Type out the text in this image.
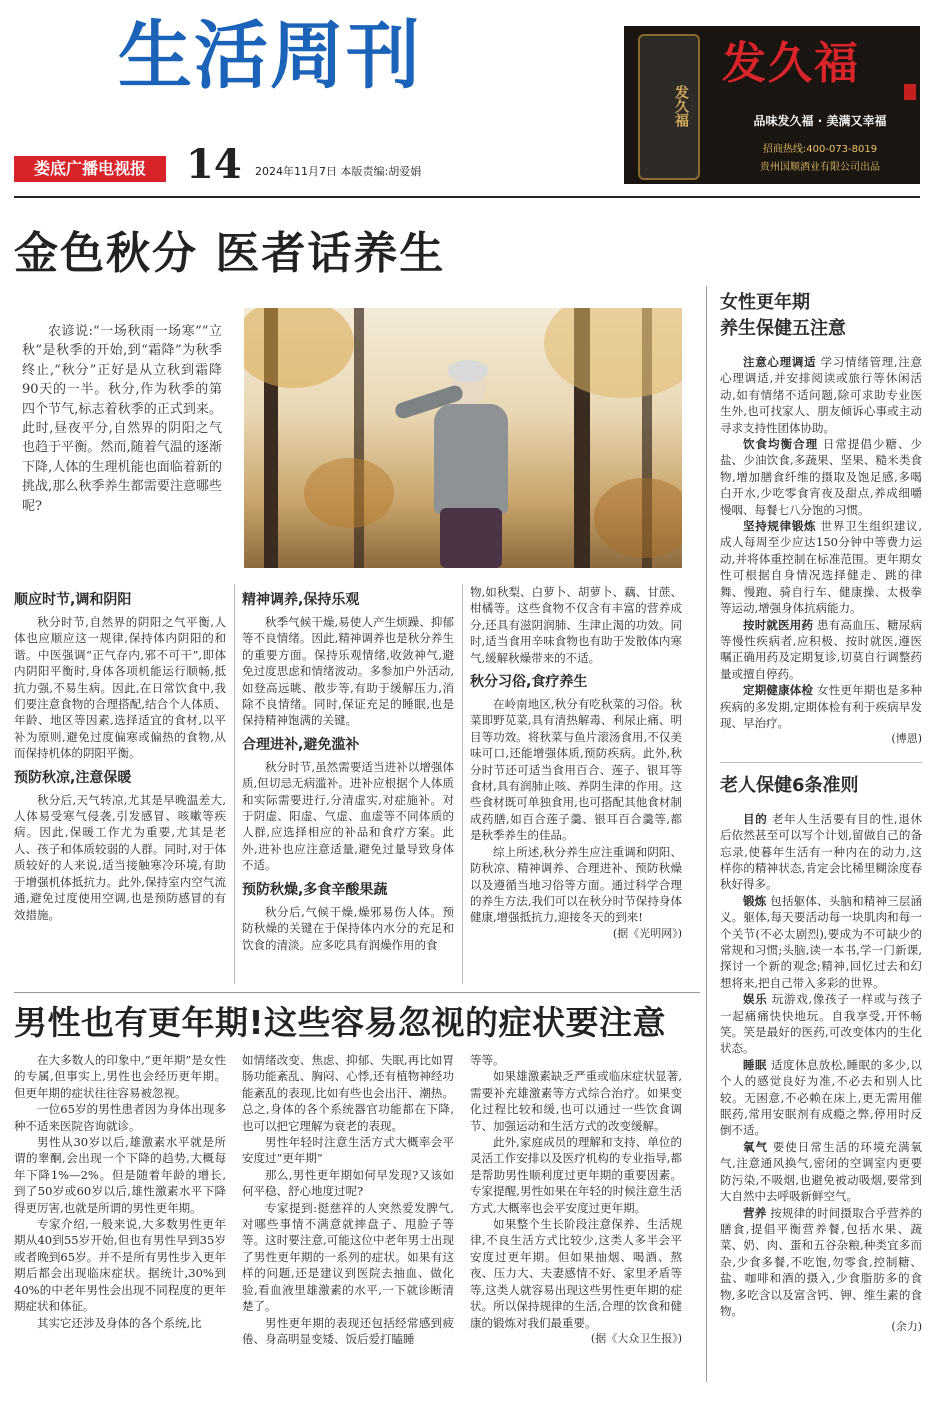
生活周刊
娄底广播电视报	14 2024年11月7日 本版责编:胡爱娟
发久福
发久福
品味发久福 · 美满又幸福
招商热线:400-073-8019
贵州国顺酒业有限公司出品
金色秋分 医者话养生
农谚说:“一场秋雨一场寒”“立秋”是秋季的开始,到“霜降”为秋季终止,“秋分”正好是从立秋到霜降90天的一半。秋分,作为秋季的第四个节气,标志着秋季的正式到来。此时,昼夜平分,自然界的阴阳之气也趋于平衡。然而,随着气温的逐渐下降,人体的生理机能也面临着新的挑战,那么秋季养生都需要注意哪些呢?
顺应时节,调和阴阳

秋分时节,自然界的阴阳之气平衡,人体也应顺应这一规律,保持体内阴阳的和谐。中医强调“正气存内,邪不可干”,即体内阴阳平衡时,身体各项机能运行顺畅,抵抗力强,不易生病。因此,在日常饮食中,我们要注意食物的合理搭配,结合个人体质、年龄、地区等因素,选择适宜的食材,以平补为原则,避免过度偏寒或偏热的食物,从而保持机体的阴阳平衡。

预防秋凉,注意保暖

秋分后,天气转凉,尤其是早晚温差大,人体易受寒气侵袭,引发感冒、咳嗽等疾病。因此,保暖工作尤为重要,尤其是老人、孩子和体质较弱的人群。同时,对于体质较好的人来说,适当接触寒冷环境,有助于增强机体抵抗力。此外,保持室内空气流通,避免过度使用空调,也是预防感冒的有效措施。

精神调养,保持乐观

秋季气候干燥,易使人产生烦躁、抑郁等不良情绪。因此,精神调养也是秋分养生的重要方面。保持乐观情绪,收敛神气,避免过度思虑和情绪波动。多参加户外活动,如登高远眺、散步等,有助于缓解压力,消除不良情绪。同时,保证充足的睡眠,也是保持精神饱满的关键。

合理进补,避免滥补

秋分时节,虽然需要适当进补以增强体质,但切忌无病滥补。进补应根据个人体质和实际需要进行,分清虚实,对症施补。对于阴虚、阳虚、气虚、血虚等不同体质的人群,应选择相应的补品和食疗方案。此外,进补也应注意适量,避免过量导致身体不适。

预防秋燥,多食辛酸果蔬

秋分后,气候干燥,燥邪易伤人体。预防秋燥的关键在于保持体内水分的充足和饮食的清淡。应多吃具有润燥作用的食

物,如秋梨、白萝卜、胡萝卜、藕、甘蔗、柑橘等。这些食物不仅含有丰富的营养成分,还具有滋阴润肺、生津止渴的功效。同时,适当食用辛味食物也有助于发散体内寒气,缓解秋燥带来的不适。

秋分习俗,食疗养生

在岭南地区,秋分有吃秋菜的习俗。秋菜即野苋菜,具有清热解毒、利尿止痛、明目等功效。将秋菜与鱼片滚汤食用,不仅美味可口,还能增强体质,预防疾病。此外,秋分时节还可适当食用百合、莲子、银耳等食材,具有润肺止咳、养阴生津的作用。这些食材既可单独食用,也可搭配其他食材制成药膳,如百合莲子羹、银耳百合羹等,都是秋季养生的佳品。

综上所述,秋分养生应注重调和阴阳、防秋凉、精神调养、合理进补、预防秋燥以及遵循当地习俗等方面。通过科学合理的养生方法,我们可以在秋分时节保持身体健康,增强抵抗力,迎接冬天的到来!

(据《光明网》)
女性更年期
养生保健五注意

注意心理调适 学习情绪管理,注意心理调适,并安排阅读或旅行等休闲活动,如有情绪不适问题,除可求助专业医生外,也可找家人、朋友倾诉心事或主动寻求支持性团体协助。

饮食均衡合理 日常提倡少糖、少盐、少油饮食,多蔬果、坚果、糙米类食物,增加膳食纤维的摄取及饱足感,多喝白开水,少吃零食宵夜及甜点,养成细嚼慢咽、每餐七八分饱的习惯。

坚持规律锻炼 世界卫生组织建议,成人每周至少应达150分钟中等费力运动,并将体重控制在标准范围。更年期女性可根据自身情况选择健走、跳的律舞、慢跑、骑自行车、健康操、太极拳等运动,增强身体抗病能力。

按时就医用药 患有高血压、糖尿病等慢性疾病者,应积极、按时就医,遵医嘱正确用药及定期复诊,切莫自行调整药量或擅自停药。

定期健康体检 女性更年期也是多种疾病的多发期,定期体检有利于疾病早发现、早治疗。

(博恩)
老人保健6条准则

目的 老年人生活要有目的性,退休后依然甚至可以写个计划,留做自己的备忘录,使暮年生活有一种内在的动力,这样你的精神状态,肯定会比稀里糊涂度春秋好得多。

锻炼 包括躯体、头脑和精神三层涵义。躯体,每天要活动每一块肌肉和每一个关节(不必太剧烈),要成为不可缺少的常规和习惯;头脑,读一本书,学一门新课,探讨一个新的观念;精神,回忆过去和幻想将来,把自己带入多彩的世界。

娱乐 玩游戏,像孩子一样或与孩子一起痛痛快快地玩。自我享受,开怀畅笑。笑是最好的医药,可改变体内的生化状态。

睡眠 适度休息放松,睡眠的多少,以个人的感觉良好为准,不必去和别人比较。无困意,不必赖在床上,更无需用催眠药,常用安眠剂有成瘾之弊,停用时反倒不适。

氧气 要使日常生活的环境充满氧气,注意通风换气,密闭的空调室内更要防污染,不吸烟,也避免被动吸烟,要常到大自然中去呼吸新鲜空气。

营养 按规律的时间摄取合乎营养的膳食,提倡平衡营养餐,包括水果、蔬菜、奶、肉、蛋和五谷杂粮,种类宜多而杂,少食多餐,不吃饱,勿零食,控制糖、盐、咖啡和酒的摄入,少食脂肪多的食物,多吃含以及富含钙、钾、维生素的食物。

(余力)
男性也有更年期!这些容易忽视的症状要注意

在大多数人的印象中,“更年期”是女性的专属,但事实上,男性也会经历更年期。但更年期的症状往往容易被忽视。

一位65岁的男性患者因为身体出现多种不适来医院咨询就诊。

男性从30岁以后,雄激素水平就是所谓的睾酮,会出现一个下降的趋势,大概每年下降1%—2%。但是随着年龄的增长,到了50岁或60岁以后,雄性激素水平下降得更厉害,也就是所谓的男性更年期。

专家介绍,一般来说,大多数男性更年期从40到55岁开始,但也有男性早到35岁或者晚到65岁。并不是所有男性步入更年期后都会出现临床症状。据统计,30%到40%的中老年男性会出现不同程度的更年期症状和体征。

其实它还涉及身体的各个系统,比

如情绪改变、焦虑、抑郁、失眠,再比如胃肠功能紊乱、胸闷、心悸,还有植物神经功能紊乱的表现,比如有些也会出汗、潮热。总之,身体的各个系统器官功能都在下降,也可以把它理解为衰老的表现。

男性年轻时注意生活方式大概率会平安度过“更年期”

那么,男性更年期如何早发现?又该如何平稳、舒心地度过呢?

专家提到:挺慈祥的人突然爱发脾气,对哪些事情不满意就摔盘子、甩脸子等等。这时要注意,可能这位中老年男士出现了男性更年期的一系列的症状。如果有这样的问题,还是建议到医院去抽血、做化验,看血液里雄激素的水平,一下就诊断清楚了。

男性更年期的表现还包括经常感到疲倦、身高明显变矮、饭后爱打瞌睡

等等。

如果雄激素缺乏严重或临床症状显著,需要补充雄激素等方式综合治疗。如果变化过程比较和缓,也可以通过一些饮食调节、加强运动和生活方式的改变缓解。

此外,家庭成员的理解和支持、单位的灵活工作安排以及医疗机构的专业指导,都是帮助男性顺利度过更年期的重要因素。专家提醒,男性如果在年轻的时候注意生活方式,大概率也会平安度过更年期。

如果整个生长阶段注意保养、生活规律,不良生活方式比较少,这类人多半会平安度过更年期。但如果抽烟、喝酒、熬夜、压力大、夫妻感情不好、家里矛盾等等,这类人就容易出现这些男性更年期的症状。所以保持规律的生活,合理的饮食和健康的锻炼对我们最重要。

(据《大众卫生报》)
